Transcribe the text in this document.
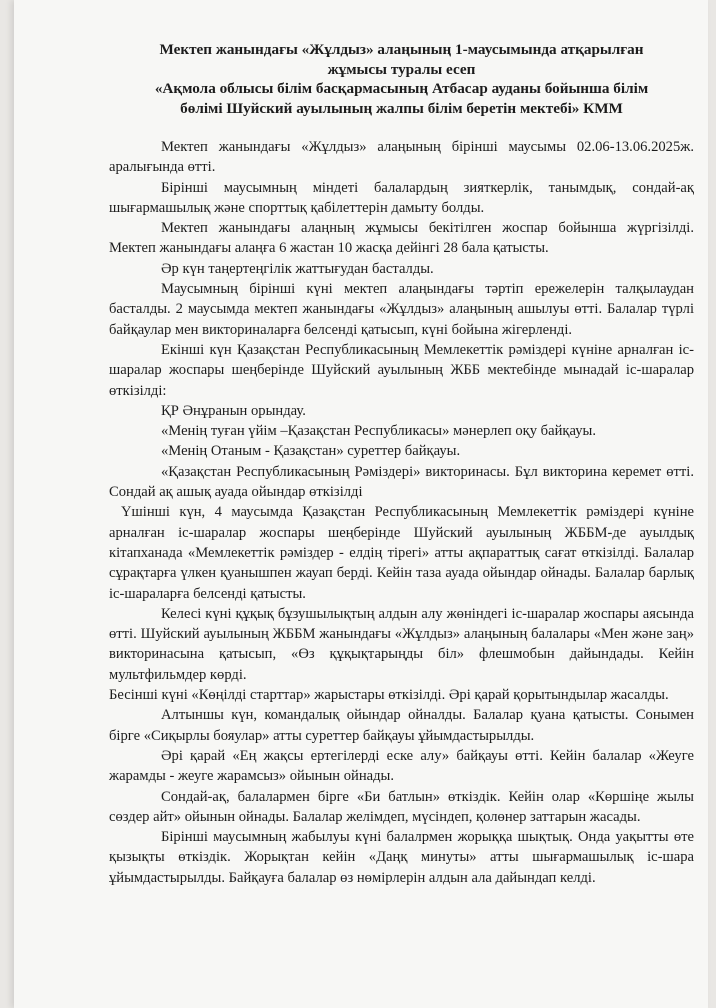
Мектеп жанындағы «Жұлдыз» алаңының 1-маусымында атқарылған
жұмысы туралы есеп
«Ақмола облысы білім басқармасының Атбасар ауданы бойынша білім
бөлімі Шуйский ауылының жалпы білім беретін мектебі» КММ

Мектеп жанындағы «Жұлдыз» алаңының бірінші маусымы 02.06-13.06.2025ж. аралығында өтті.

Бірінші маусымның міндеті балалардың зияткерлік, танымдық, сондай-ақ шығармашылық және спорттық қабілеттерін дамыту болды.

Мектеп жанындағы алаңның жұмысы бекітілген жоспар бойынша жүргізілді. Мектеп жанындағы алаңға 6 жастан 10 жасқа дейінгі 28 бала қатысты.

Әр күн таңертеңгілік жаттығудан басталды.

Маусымның бірінші күні мектеп алаңындағы тәртіп ережелерін талқылаудан басталды. 2 маусымда мектеп жанындағы «Жұлдыз» алаңының ашылуы өтті. Балалар түрлі байқаулар мен викториналарға белсенді қатысып, күні бойына жігерленді.

Екінші күн Қазақстан Республикасының Мемлекеттік рәміздері күніне арналған іс-шаралар жоспары шеңберінде Шуйский ауылының ЖББ мектебінде мынадай іс-шаралар өткізілді:

ҚР Әнұранын орындау.

«Менің туған үйім –Қазақстан Республикасы» мәнерлеп оқу байқауы.

«Менің Отаным - Қазақстан» суреттер байқауы.

«Қазақстан Республикасының Рәміздері» викторинасы. Бұл викторина керемет өтті. Сондай ақ ашық ауада ойындар өткізілді

Үшінші күн, 4 маусымда Қазақстан Республикасының Мемлекеттік рәміздері күніне арналған іс-шаралар жоспары шеңберінде Шуйский ауылының ЖББМ-де ауылдық кітапханада «Мемлекеттік рәміздер - елдің тірегі» атты ақпараттық сағат өткізілді. Балалар сұрақтарға үлкен қуанышпен жауап берді. Кейін таза ауада ойындар ойнады. Балалар барлық іс-шараларға белсенді қатысты.

Келесі күні құқық бұзушылықтың алдын алу жөніндегі іс-шаралар жоспары аясында өтті. Шуйский ауылының ЖББМ жанындағы «Жұлдыз» алаңының балалары «Мен және заң» викторинасына қатысып, «Өз құқықтарыңды біл» флешмобын дайындады. Кейін мультфильмдер көрді.

Бесінші күні «Көңілді старттар» жарыстары өткізілді. Әрі қарай қорытындылар жасалды.

Алтыншы күн, командалық ойындар ойналды. Балалар қуана қатысты. Сонымен бірге «Сиқырлы бояулар» атты суреттер байқауы ұйымдастырылды.

Әрі қарай «Ең жақсы ертегілерді еске алу» байқауы өтті. Кейін балалар «Жеуге жарамды - жеуге жарамсыз» ойынын ойнады.

Сондай-ақ, балалармен бірге «Би батлын» өткіздік. Кейін олар «Көршіңе жылы сөздер айт» ойынын ойнады. Балалар желімдеп, мүсіндеп, қолөнер заттарын жасады.

Бірінші маусымның жабылуы күні балалрмен жорыққа шықтық. Онда уақытты өте қызықты өткіздік. Жорықтан кейін «Даңқ минуты» атты шығармашылық іс-шара ұйымдастырылды. Байқауға балалар өз нөмірлерін алдын ала дайындап келді.
